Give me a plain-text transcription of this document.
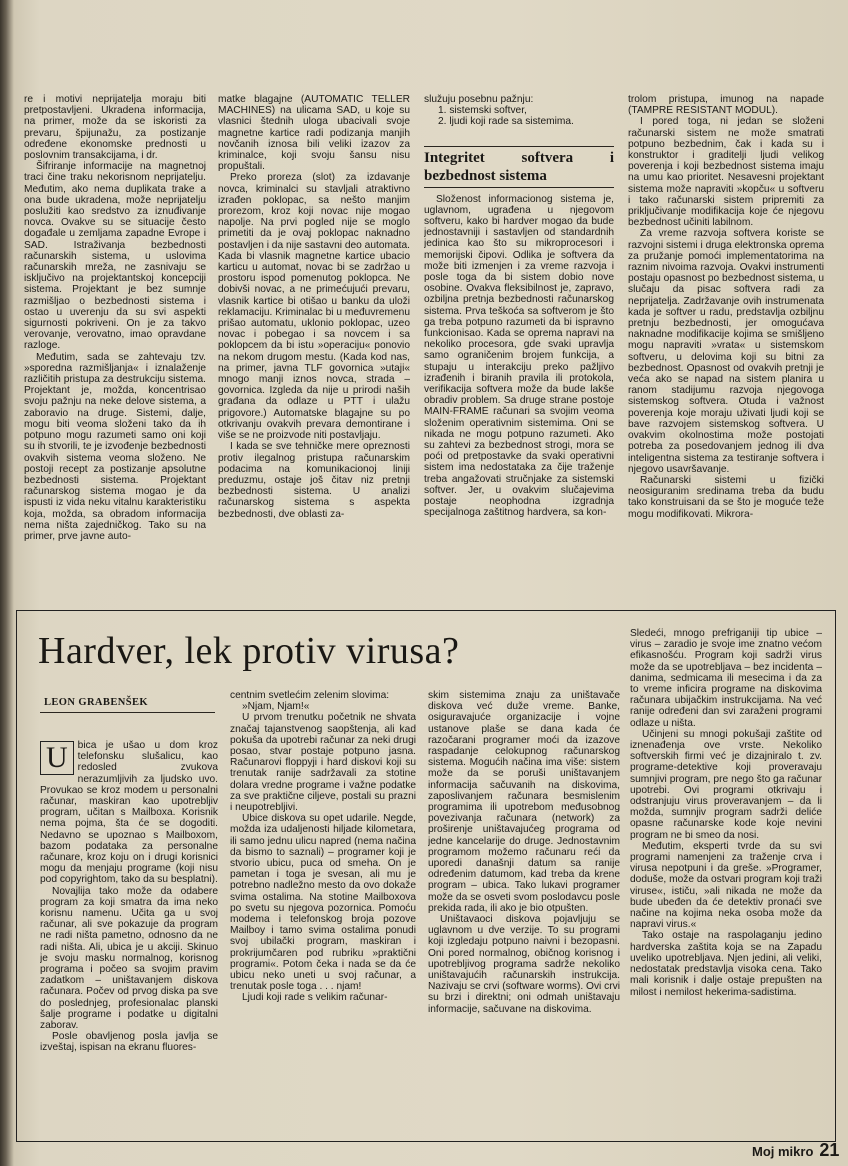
re i motivi neprijatelja moraju biti pretpostavljeni. Ukradena informacija, na primer, može da se iskoristi za prevaru, špijunažu, za postizanje određene ekonomske prednosti u poslovnim transakcijama, i dr.

Šifriranje informacije na magnetnoj traci čine traku nekorisnom neprijatelju. Međutim, ako nema duplikata trake a ona bude ukradena, može neprijatelju poslužiti kao sredstvo za iznuđivanje novca. Ovakve su se situacije često događale u zemljama zapadne Evrope i SAD. Istraživanja bezbednosti računarskih sistema, u uslovima računarskih mreža, ne zasnivaju se isključivo na projektantskoj koncepciji sistema. Projektant je bez sumnje razmišljao o bezbednosti sistema i ostao u uverenju da su svi aspekti sigurnosti pokriveni. On je za takvo verovanje, verovatno, imao opravdane razloge.

Međutim, sada se zahtevaju tzv. »sporedna razmišljanja« i iznalaženje različitih pristupa za destrukciju sistema. Projektant je, možda, koncentrisao svoju pažnju na neke delove sistema, a zaboravio na druge. Sistemi, dalje, mogu biti veoma složeni tako da ih potpuno mogu razumeti samo oni koji su ih stvorili, te je izvođenje bezbednosti ovakvih sistema veoma složeno. Ne postoji recept za postizanje apsolutne bezbednosti sistema. Projektant računarskog sistema mogao je da ispusti iz vida neku vitalnu karakteristiku koja, možda, sa obradom informacija nema ništa zajedničkog. Tako su na primer, prve javne auto-

matke blagajne (AUTOMATIC TELLER MACHINES) na ulicama SAD, u koje su vlasnici štednih uloga ubacivali svoje magnetne kartice radi podizanja manjih novčanih iznosa bili veliki izazov za kriminalce, koji svoju šansu nisu propuštali.

Preko proreza (slot) za izdavanje novca, kriminalci su stavljali atraktivno izrađen poklopac, sa nešto manjim prorezom, kroz koji novac nije mogao napolje. Na prvi pogled nije se moglo primetiti da je ovaj poklopac naknadno postavljen i da nije sastavni deo automata. Kada bi vlasnik magnetne kartice ubacio karticu u automat, novac bi se zadržao u prostoru ispod pomenutog poklopca. Ne dobivši novac, a ne primećujući prevaru, vlasnik kartice bi otišao u banku da uloži reklamaciju. Kriminalac bi u međuvremenu prišao automatu, uklonio poklopac, uzeo novac i pobegao i sa novcem i sa poklopcem da bi istu »operaciju« ponovio na nekom drugom mestu. (Kada kod nas, na primer, javna TLF govornica »utaji« mnogo manji iznos novca, strada – govornica. Izgleda da nije u prirodi naših građana da odlaze u PTT i ulažu prigovore.) Automatske blagajne su po otkrivanju ovakvih prevara demontirane i više se ne proizvode niti postavljaju.

I kada se sve tehničke mere opreznosti protiv ilegalnog pristupa računarskim podacima na komunikacionoj liniji preduzmu, ostaje još čitav niz pretnji bezbednosti sistema. U analizi računarskog sistema s aspekta bezbednosti, dve oblasti za-

služuju posebnu pažnju:

1. sistemski softver,

2. ljudi koji rade sa sistemima.

Integritet softvera i bezbednost sistema

Složenost informacionog sistema je, uglavnom, ugrađena u njegovom softveru, kako bi hardver mogao da bude jednostavniji i sastavljen od standardnih jedinica kao što su mikroprocesori i memorijski čipovi. Odlika je softvera da može biti izmenjen i za vreme razvoja i posle toga da bi sistem dobio nove osobine. Ovakva fleksibilnost je, zapravo, ozbiljna pretnja bezbednosti računarskog sistema. Prva teškoća sa softverom je što ga treba potpuno razumeti da bi ispravno funkcionisao. Kada se oprema napravi na nekoliko procesora, gde svaki upravlja samo ograničenim brojem funkcija, a stupaju u interakciju preko pažljivo izrađenih i biranih pravila ili protokola, verifikacija softvera može da bude lakše obradiv problem. Sa druge strane postoje MAIN-FRAME računari sa svojim veoma složenim operativnim sistemima. Oni se nikada ne mogu potpuno razumeti. Ako su zahtevi za bezbednost strogi, mora se poći od pretpostavke da svaki operativni sistem ima nedostataka za čije traženje treba angažovati stručnjake za sistemski softver. Jer, u ovakvim slučajevima postaje neophodna izgradnja specijalnoga zaštitnog hardvera, sa kon-

trolom pristupa, imunog na napade (TAMPRE RESISTANT MODUL).

I pored toga, ni jedan se složeni računarski sistem ne može smatrati potpuno bezbednim, čak i kada su i konstruktor i graditelji ljudi velikog poverenja i koji bezbednost sistema imaju na umu kao prioritet. Nesavesni projektant sistema može napraviti »kopču« u softveru i tako računarski sistem pripremiti za priključivanje modifikacija koje će njegovu bezbednost učiniti labilnom.

Za vreme razvoja softvera koriste se razvojni sistemi i druga elektronska oprema za pružanje pomoći implementatorima na raznim nivoima razvoja. Ovakvi instrumenti postaju opasnost po bezbednost sistema, u slučaju da pisac softvera radi za neprijatelja. Zadržavanje ovih instrumenata kada je softver u radu, predstavlja ozbiljnu pretnju bezbednosti, jer omogućava naknadne modifikacije kojima se smišljeno mogu napraviti »vrata« u sistemskom softveru, u delovima koji su bitni za bezbednost. Opasnost od ovakvih pretnji je veća ako se napad na sistem planira u ranom stadijumu razvoja njegovoga sistemskog softvera. Otuda i važnost poverenja koje moraju uživati ljudi koji se bave razvojem sistemskog softvera. U ovakvim okolnostima može postojati potreba za posedovanjem jednog ili dva inteligentna sistema za testiranje softvera i njegovo usavršavanje.

Računarski sistemi u fizički neosiguranim sredinama treba da budu tako konstruisani da se što je moguće teže mogu modifikovati. Mikrora-

Hardver, lek protiv virusa?
LEON GRABENŠEK

U bica je ušao u dom kroz telefonsku slušalicu, kao redosled zvukova nerazumljivih za ljudsko uvo. Provukao se kroz modem u personalni računar, maskiran kao upotrebljiv program, učitan s Mailboxa. Korisnik nema pojma, šta će se dogoditi. Nedavno se upoznao s Mailboxom, bazom podataka za personalne računare, kroz koju on i drugi korisnici mogu da menjaju programe (koji nisu pod copyrightom, tako da su besplatni).

Novajlija tako može da odabere program za koji smatra da ima neko korisnu namenu. Učita ga u svoj računar, ali sve pokazuje da program ne radi ništa pametno, odnosno da ne radi ništa. Ali, ubica je u akciji. Skinuo je svoju masku normalnog, korisnog programa i počeo sa svojim pravim zadatkom – uništavanjem diskova računara. Počev od prvog diska pa sve do poslednjeg, profesionalac planski šalje programe i podatke u digitalni zaborav.

Posle obavljenog posla javlja se izveštaj, ispisan na ekranu fluores-

centnim svetlećim zelenim slovima:

»Njam, Njam!«

U prvom trenutku početnik ne shvata značaj tajanstvenog saopštenja, ali kad pokuša da upotrebi računar za neki drugi posao, stvar postaje potpuno jasna. Računarovi floppyji i hard diskovi koji su trenutak ranije sadržavali za stotine dolara vredne programe i važne podatke za sve praktične ciljeve, postali su prazni i neupotrebljivi.

Ubice diskova su opet udarile. Negde, možda iza udaljenosti hiljade kilometara, ili samo jednu ulicu napred (nema načina da bismo to saznali) – programer koji je stvorio ubicu, puca od smeha. On je pametan i toga je svesan, ali mu je potrebno nadležno mesto da ovo dokaže svima ostalima. Na stotine Mailboxova po svetu su njegova pozornica. Pomoću modema i telefonskog broja pozove Mailboy i tamo svima ostalima ponudi svoj ubilački program, maskiran i prokrijumčaren pod rubriku »praktični programi«. Potom čeka i nada se da će ubicu neko uneti u svoj računar, a trenutak posle toga . . . njam!

Ljudi koji rade s velikim računar-

skim sistemima znaju za uništavače diskova već duže vreme. Banke, osiguravajuće organizacije i vojne ustanove plaše se dana kada će razočarani programer moći da izazove raspadanje celokupnog računarskog sistema. Mogućih načina ima više: sistem može da se poruši uništavanjem informacija sačuvanih na diskovima, zaposlivanjem računara besmislenim programima ili upotrebom međusobnog povezivanja računara (network) za proširenje uništavajućeg programa od jedne kancelarije do druge. Jednostavnim programom možemo računaru reći da uporedi današnji datum sa ranije određenim datumom, kad treba da krene program – ubica. Tako lukavi programer može da se osveti svom poslodavcu posle prekida rada, ili ako je bio otpušten.

Uništavaoci diskova pojavljuju se uglavnom u dve verzije. To su programi koji izgledaju potpuno naivni i bezopasni. Oni pored normalnog, običnog korisnog i upotrebljivog programa sadrže nekoliko uništavajućih računarskih instrukcija. Nazivaju se crvi (software worms). Ovi crvi su brzi i direktni; oni odmah uništavaju informacije, sačuvane na diskovima.

Sledeći, mnogo prefriganiji tip ubice – virus – zaradio je svoje ime znatno većom efikasnošću. Program koji sadrži virus može da se upotrebljava – bez incidenta – danima, sedmicama ili mesecima i da za to vreme inficira programe na diskovima računara ubijačkim instrukcijama. Na već ranije određeni dan svi zaraženi programi odlaze u ništa.

Učinjeni su mnogi pokušaji zaštite od iznenađenja ove vrste. Nekoliko softverskih firmi već je dizajniralo t. zv. programe-detektive koji proveravaju sumnjivi program, pre nego što ga računar upotrebi. Ovi programi otkrivaju i odstranjuju virus proveravanjem – da li možda, sumnjiv program sadrži deliće opasne računarske kode koje nevini program ne bi smeo da nosi.

Međutim, eksperti tvrde da su svi programi namenjeni za traženje crva i virusa nepotpuni i da greše. »Programer, doduše, može da ostvari program koji traži viruse«, ističu, »ali nikada ne može da bude ubeđen da će detektiv pronaći sve načine na kojima neka osoba može da napravi virus.«

Tako ostaje na raspolaganju jedino hardverska zaštita koja se na Zapadu uveliko upotrebljava. Njen jedini, ali veliki, nedostatak predstavlja visoka cena. Tako mali korisnik i dalje ostaje prepušten na milost i nemilost hekerima-sadistima.

Moj mikro 21
